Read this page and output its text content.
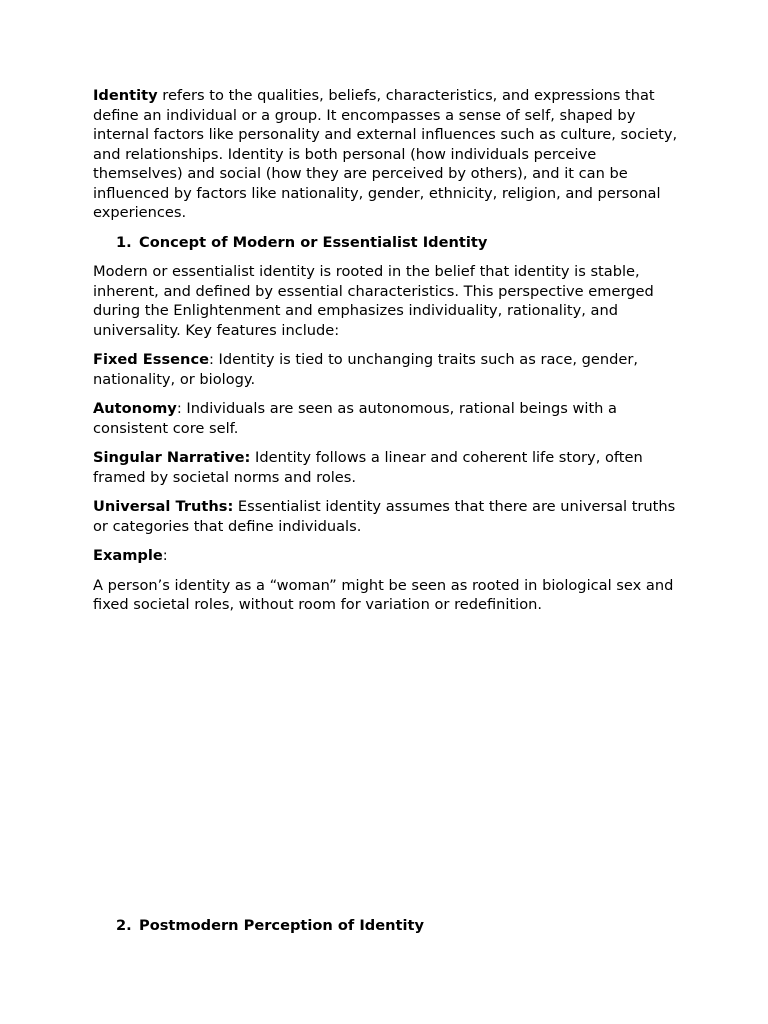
Identity refers to the qualities, beliefs, characteristics, and expressions that define an individual or a group. It encompasses a sense of self, shaped by internal factors like personality and external influences such as culture, society, and relationships. Identity is both personal (how individuals perceive themselves) and social (how they are perceived by others), and it can be influenced by factors like nationality, gender, ethnicity, religion, and personal experiences.

1. Concept of Modern or Essentialist Identity

Modern or essentialist identity is rooted in the belief that identity is stable, inherent, and defined by essential characteristics. This perspective emerged during the Enlightenment and emphasizes individuality, rationality, and universality. Key features include:

Fixed Essence: Identity is tied to unchanging traits such as race, gender, nationality, or biology.

Autonomy: Individuals are seen as autonomous, rational beings with a consistent core self.

Singular Narrative: Identity follows a linear and coherent life story, often framed by societal norms and roles.

Universal Truths: Essentialist identity assumes that there are universal truths or categories that define individuals.

Example:

A person’s identity as a “woman” might be seen as rooted in biological sex and fixed societal roles, without room for variation or redefinition.

2. Postmodern Perception of Identity
